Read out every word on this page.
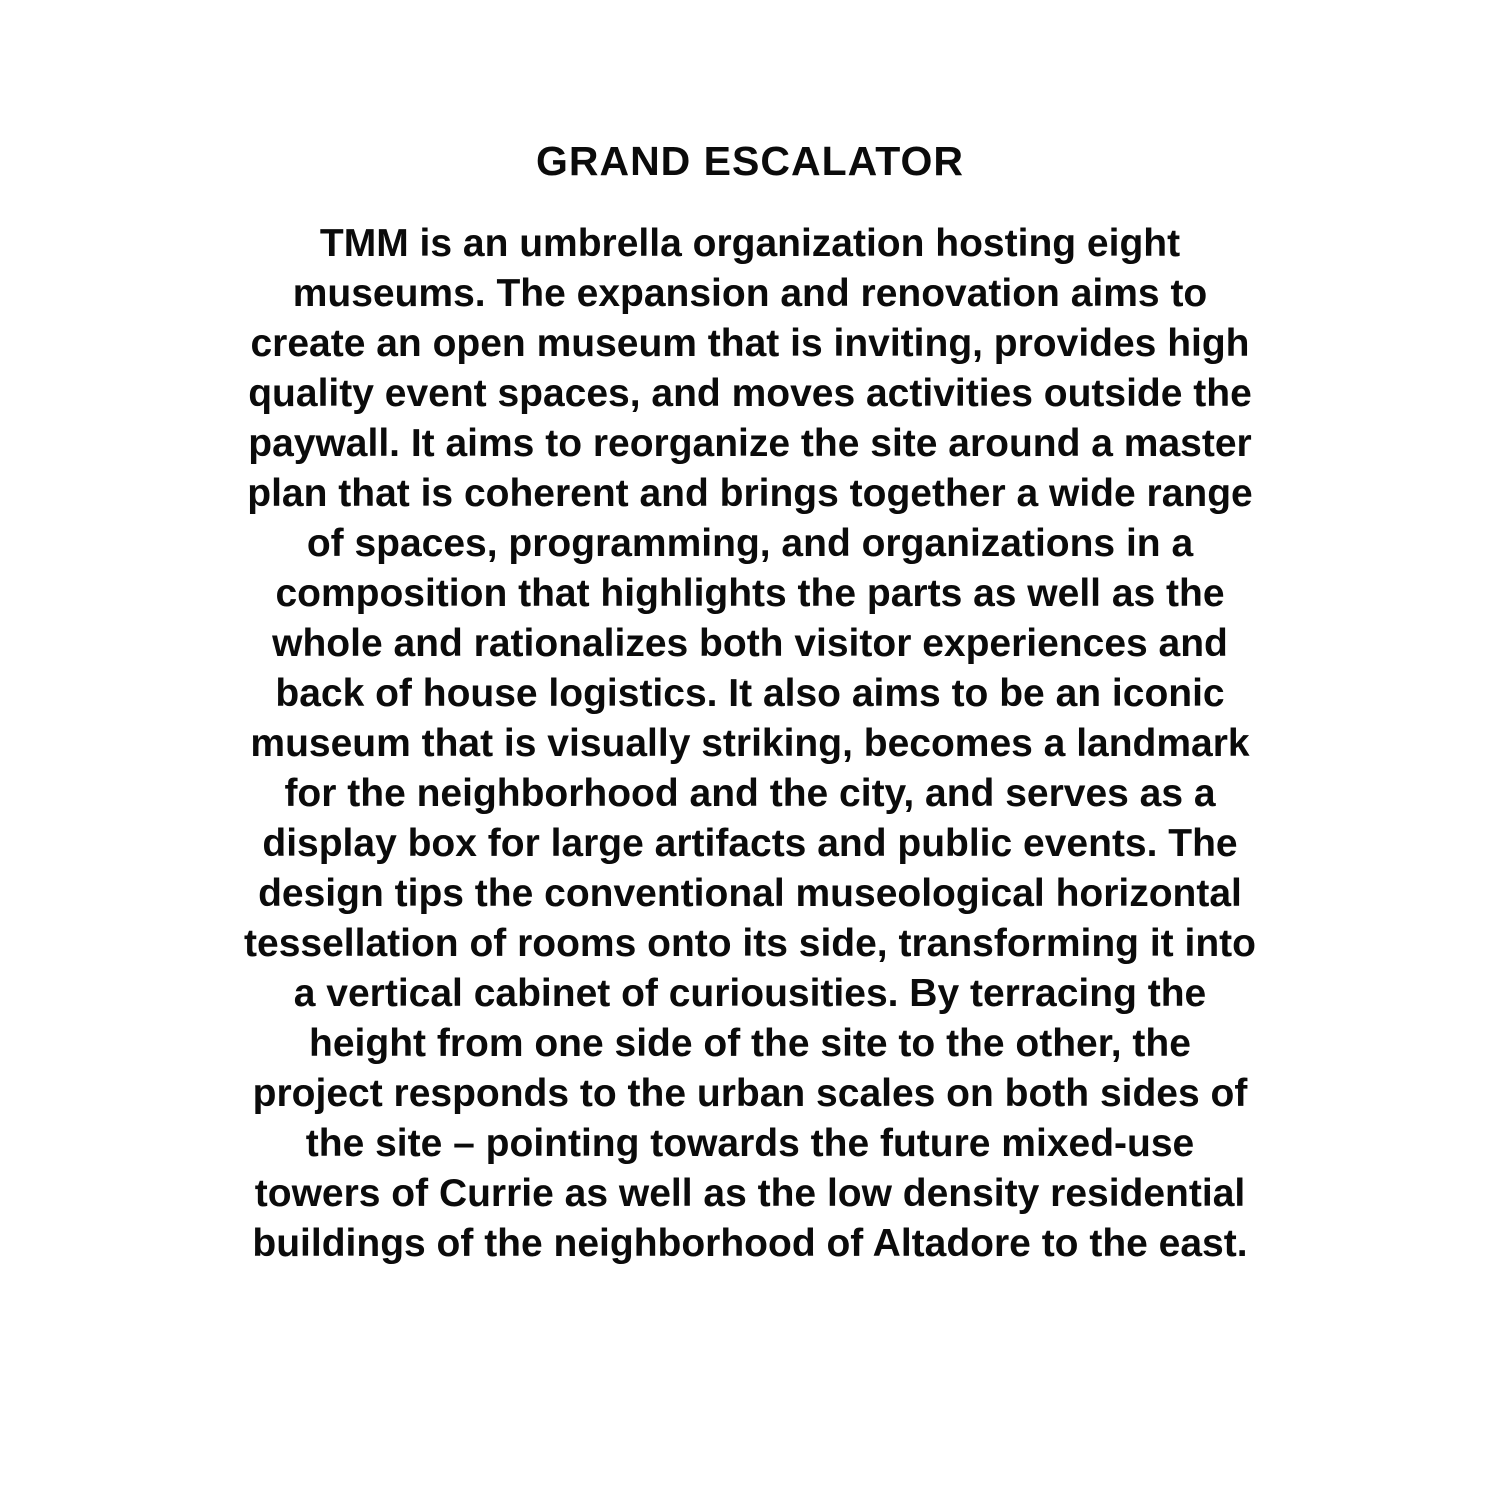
GRAND ESCALATOR

TMM is an umbrella organization hosting eight museums. The expansion and renovation aims to create an open museum that is inviting, provides high quality event spaces, and moves activities outside the paywall. It aims to reorganize the site around a master plan that is coherent and brings together a wide range of spaces, programming, and organizations in a composition that highlights the parts as well as the whole and rationalizes both visitor experiences and back of house logistics. It also aims to be an iconic museum that is visually striking, becomes a landmark for the neighborhood and the city, and serves as a display box for large artifacts and public events. The design tips the conventional museological horizontal tessellation of rooms onto its side, transforming it into a vertical cabinet of curiousities. By terracing the height from one side of the site to the other, the project responds to the urban scales on both sides of the site – pointing towards the future mixed-use towers of Currie as well as the low density residential buildings of the neighborhood of Altadore to the east.
